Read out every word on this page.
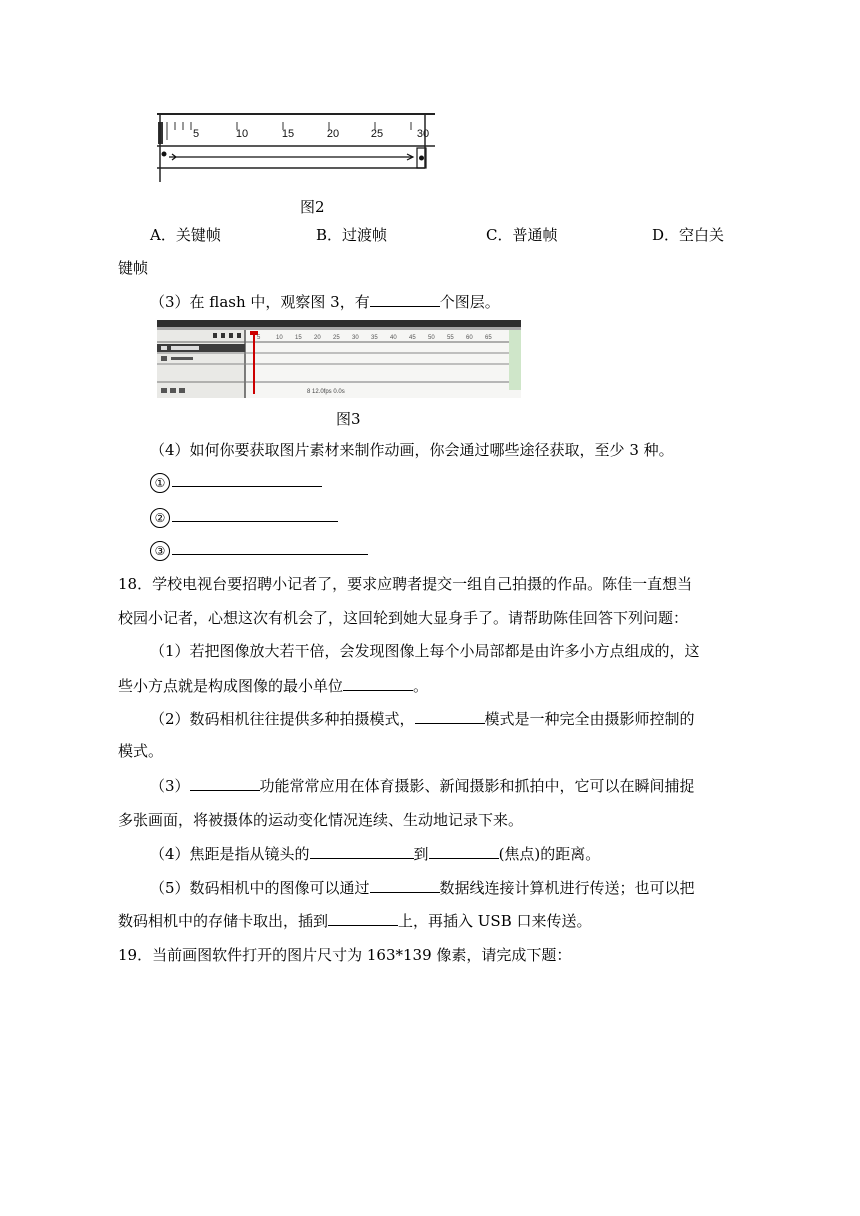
5	10	15	20	25	30
图2
A．关键帧	B．过渡帧	C．普通帧	D．空白关
键帧
（3）在 flash 中，观察图 3，有	个图层。
5	10 15 20 25 30 35 40 45 50 55 60 65
8 12.0fps 0.0s
图3
（4）如何你要获取图片素材来制作动画，你会通过哪些途径获取，至少 3 种。
①
②
③
18．学校电视台要招聘小记者了，要求应聘者提交一组自己拍摄的作品。陈佳一直想当
校园小记者，心想这次有机会了，这回轮到她大显身手了。请帮助陈佳回答下列问题：
（1）若把图像放大若干倍，会发现图像上每个小局部都是由许多小方点组成的，这
些小方点就是构成图像的最小单位	。
（2）数码相机往往提供多种拍摄模式，	模式是一种完全由摄影师控制的
模式。
（3）	功能常常应用在体育摄影、新闻摄影和抓拍中，它可以在瞬间捕捉
多张画面，将被摄体的运动变化情况连续、生动地记录下来。
（4）焦距是指从镜头的	到	(焦点)的距离。
（5）数码相机中的图像可以通过	数据线连接计算机进行传送；也可以把
数码相机中的存储卡取出，插到	上，再插入 USB 口来传送。
19．当前画图软件打开的图片尺寸为 163*139 像素，请完成下题：
